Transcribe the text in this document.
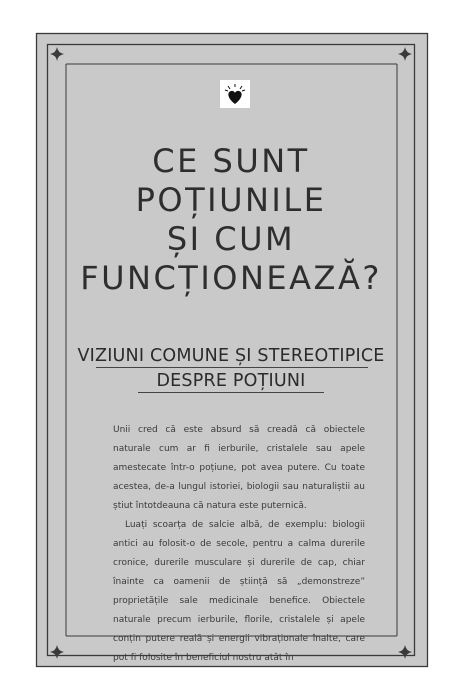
CE SUNT
POȚIUNILE
ȘI CUM
FUNCȚIONEAZĂ?
VIZIUNI COMUNE ȘI STEREOTIPICE
DESPRE POȚIUNI

Unii cred că este absurd să creadă că obiectele naturale cum ar fi ierburile, cristalele sau apele amestecate într-o poțiune, pot avea putere. Cu toate acestea, de-a lungul istoriei, biologii sau naturaliștii au știut întotdeauna că natura este puternică.

Luați scoarța de salcie albă, de exemplu: biologii antici au folosit-o de secole, pentru a calma durerile cronice, durerile musculare și durerile de cap, chiar înainte ca oamenii de știință să „demonstreze” proprietățile sale medicinale benefice. Obiectele naturale precum ierburile, florile, cristalele și apele conțin putere reală și energii vibraționale înalte, care pot fi folosite în beneficiul nostru atât în
